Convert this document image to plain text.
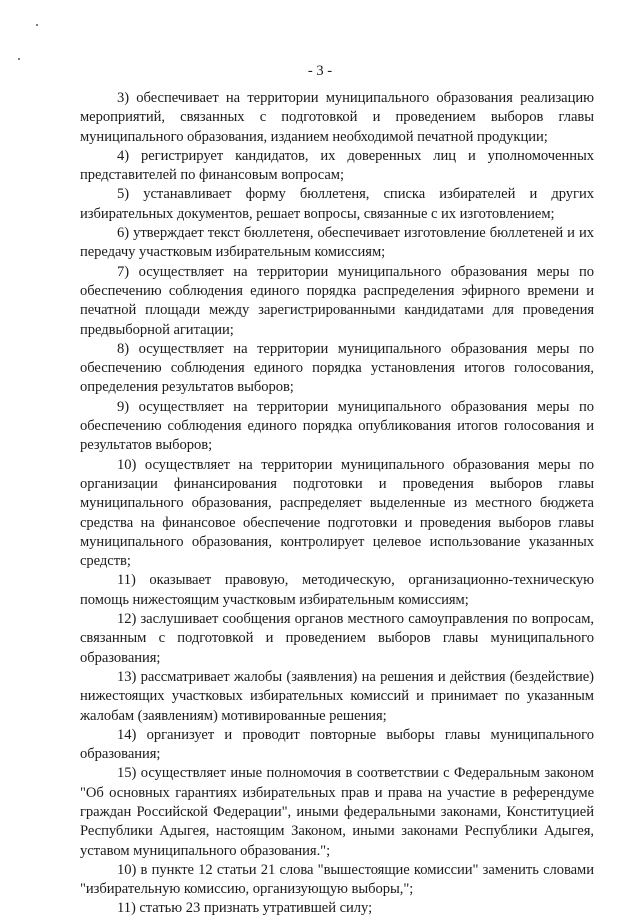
- 3 -

3) обеспечивает на территории муниципального образования реализацию мероприятий, связанных с подготовкой и проведением выборов главы муниципального образования, изданием необходимой печатной продукции;

4) регистрирует кандидатов, их доверенных лиц и уполномоченных представителей по финансовым вопросам;

5) устанавливает форму бюллетеня, списка избирателей и других избирательных документов, решает вопросы, связанные с их изготовлением;

6) утверждает текст бюллетеня, обеспечивает изготовление бюллетеней и их передачу участковым избирательным комиссиям;

7) осуществляет на территории муниципального образования меры по обеспечению соблюдения единого порядка распределения эфирного времени и печатной площади между зарегистрированными кандидатами для проведения предвыборной агитации;

8) осуществляет на территории муниципального образования меры по обеспечению соблюдения единого порядка установления итогов голосования, определения результатов выборов;

9) осуществляет на территории муниципального образования меры по обеспечению соблюдения единого порядка опубликования итогов голосования и результатов выборов;

10) осуществляет на территории муниципального образования меры по организации финансирования подготовки и проведения выборов главы муниципального образования, распределяет выделенные из местного бюджета средства на финансовое обеспечение подготовки и проведения выборов главы муниципального образования, контролирует целевое использование указанных средств;

11) оказывает правовую, методическую, организационно-техническую помощь нижестоящим участковым избирательным комиссиям;

12) заслушивает сообщения органов местного самоуправления по вопросам, связанным с подготовкой и проведением выборов главы муниципального образования;

13) рассматривает жалобы (заявления) на решения и действия (бездействие) нижестоящих участковых избирательных комиссий и принимает по указанным жалобам (заявлениям) мотивированные решения;

14) организует и проводит повторные выборы главы муниципального образования;

15) осуществляет иные полномочия в соответствии с Федеральным законом "Об основных гарантиях избирательных прав и права на участие в референдуме граждан Российской Федерации", иными федеральными законами, Конституцией Республики Адыгея, настоящим Законом, иными законами Республики Адыгея, уставом муниципального образования.";

10) в пункте 12 статьи 21 слова "вышестоящие комиссии" заменить словами "избирательную комиссию, организующую выборы,";

11) статью 23 признать утратившей силу;
